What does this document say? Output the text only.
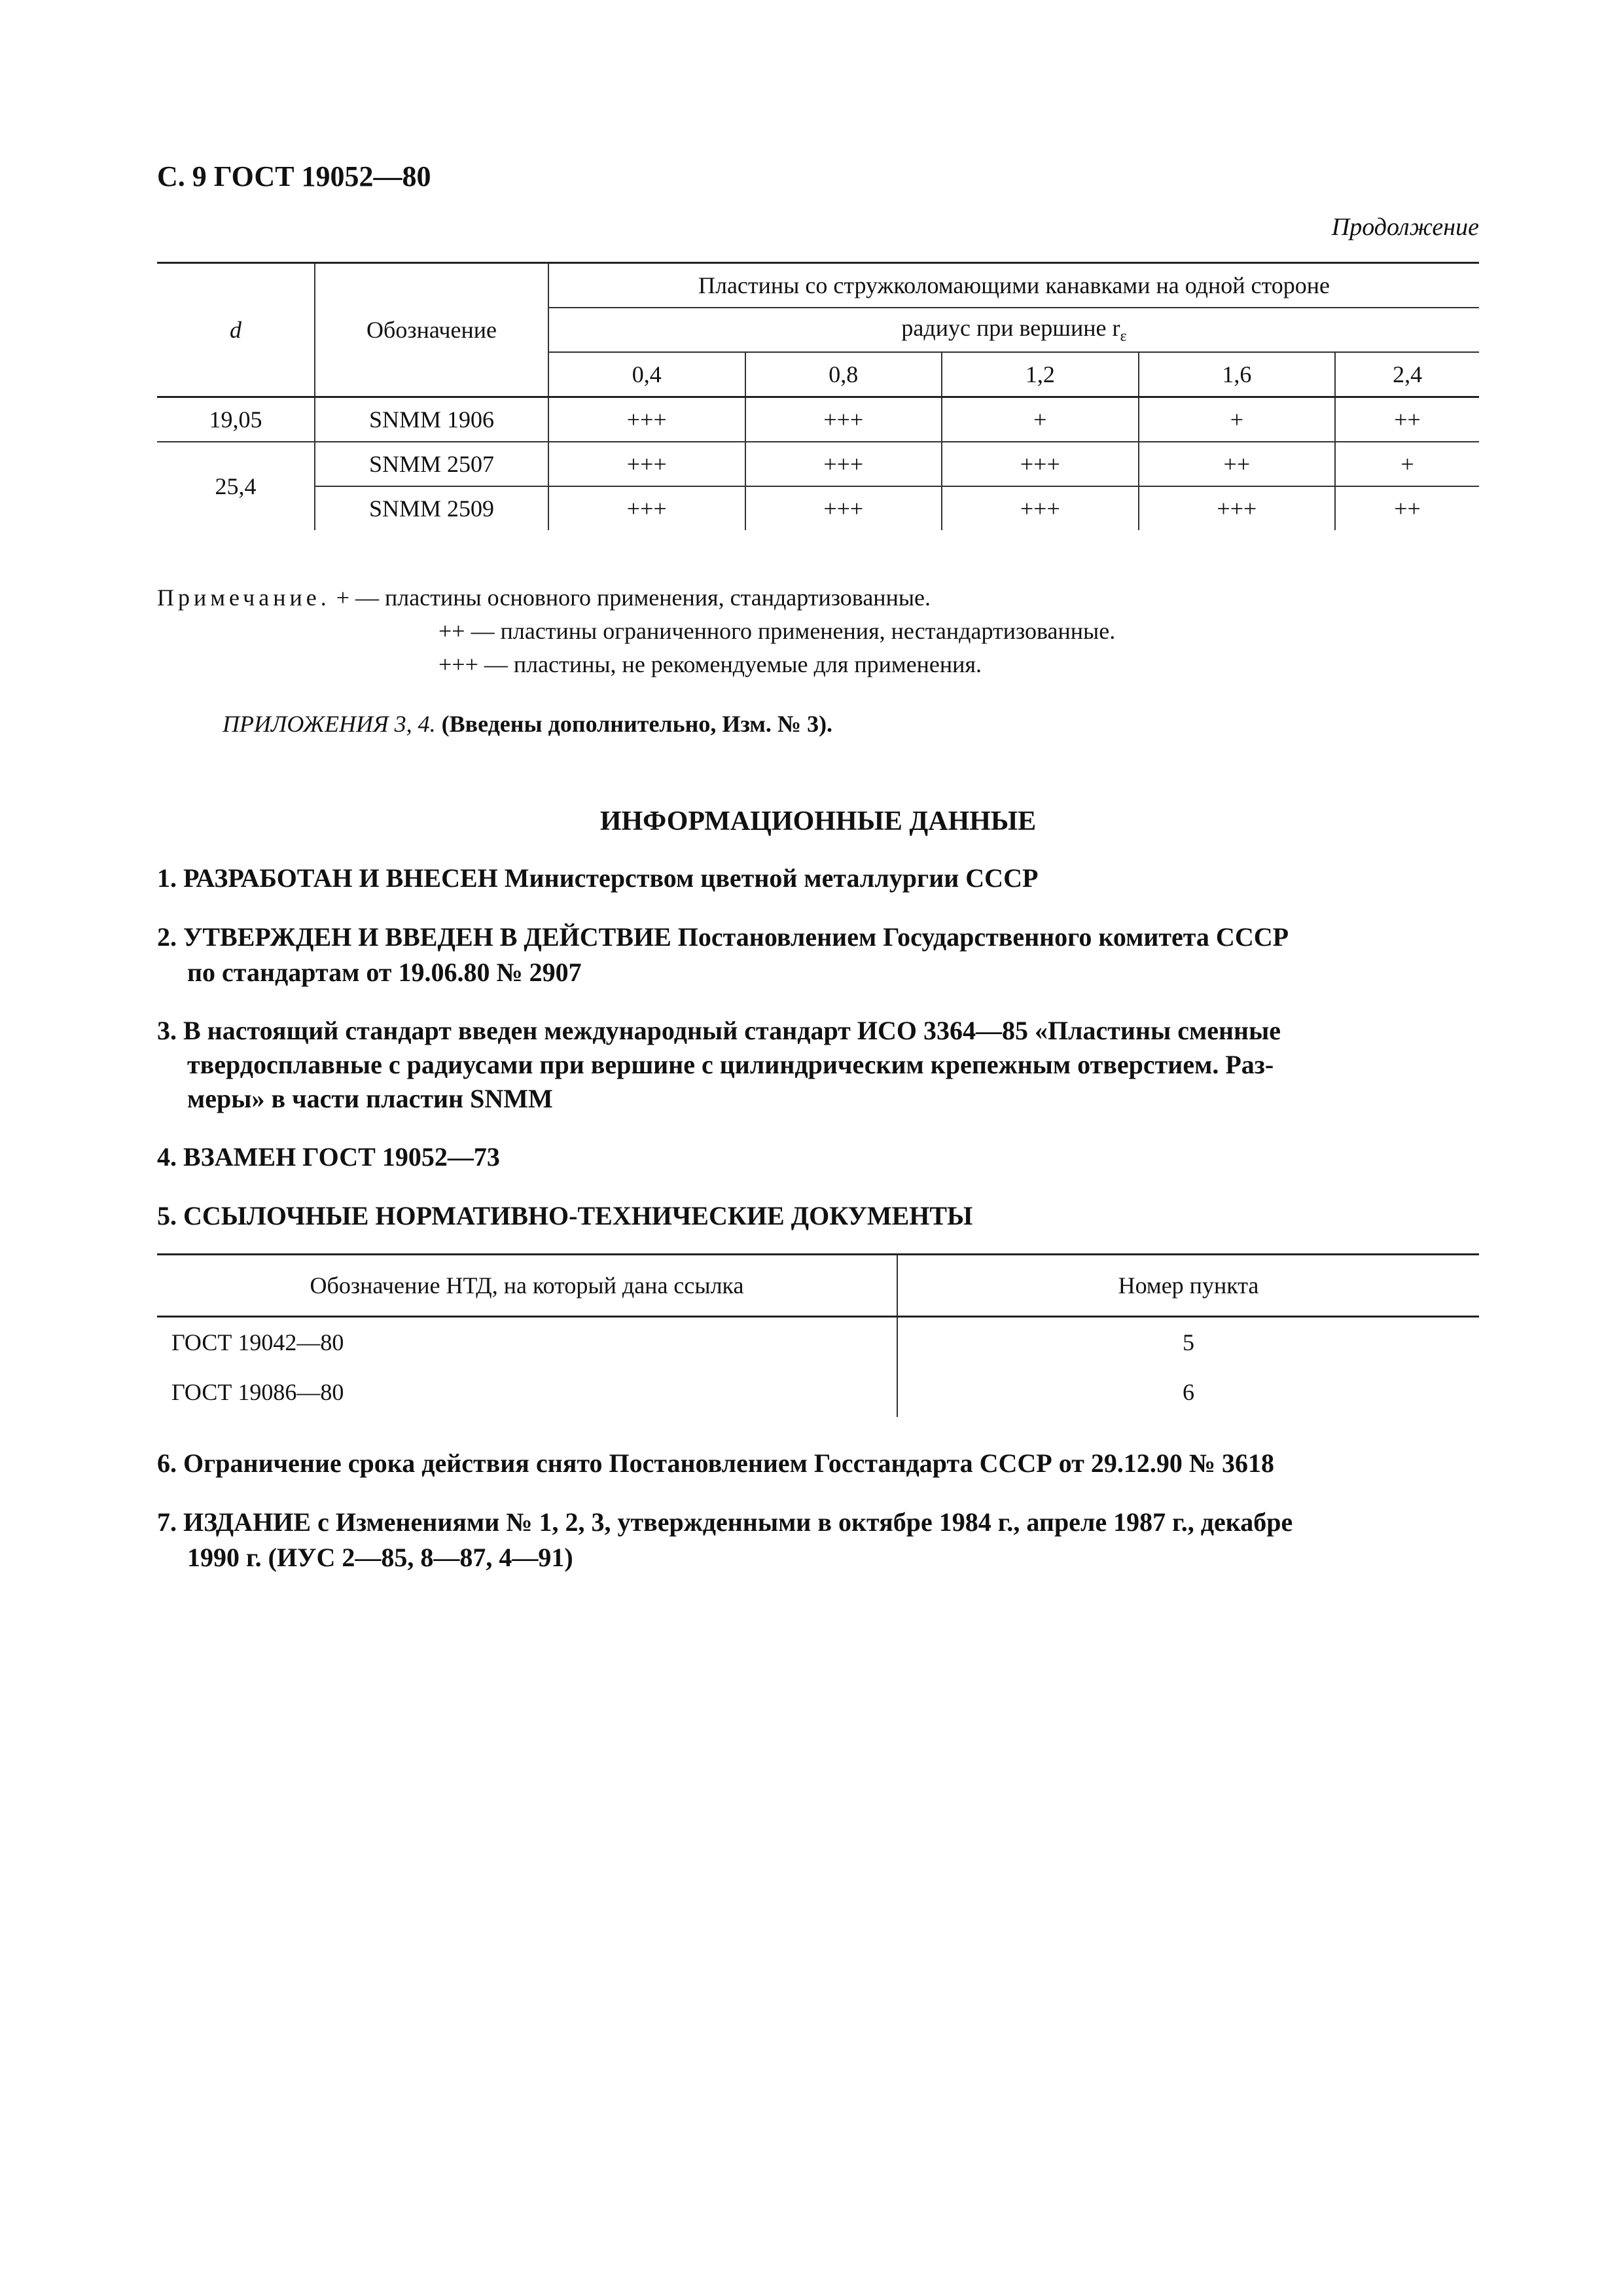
С. 9 ГОСТ 19052—80
Продолжение
d	Обозначение	Пластины со стружколомающими канавками на одной стороне				
		радиус при вершине $r_\varepsilon$
		0,4	0,8	1,2	1,6	2,4
19,05	SNMM 1906	+++	+++	+	+	++
25,4	SNMM 2507	+++	+++	+++	++	+
	SNMM 2509	+++	+++	+++	+++	++
Примечание. + — пластины основного применения, стандартизованные.
++ — пластины ограниченного применения, нестандартизованные.
+++ — пластины, не рекомендуемые для применения.
ПРИЛОЖЕНИЯ 3, 4. (Введены дополнительно, Изм. № 3).
ИНФОРМАЦИОННЫЕ ДАННЫЕ
1. РАЗРАБОТАН И ВНЕСЕН Министерством цветной металлургии СССР
2. УТВЕРЖДЕН И ВВЕДЕН В ДЕЙСТВИЕ Постановлением Государственного комитета СССР
по стандартам от 19.06.80 № 2907
3. В настоящий стандарт введен международный стандарт ИСО 3364—85 «Пластины сменные
твердосплавные с радиусами при вершине с цилиндрическим крепежным отверстием. Раз-
меры» в части пластин SNMM
4. ВЗАМЕН ГОСТ 19052—73
5. ССЫЛОЧНЫЕ НОРМАТИВНО-ТЕХНИЧЕСКИЕ ДОКУМЕНТЫ
Обозначение НТД, на который дана ссылка	Номер пункта
ГОСТ 19042—80	5
ГОСТ 19086—80	6
6. Ограничение срока действия снято Постановлением Госстандарта СССР от 29.12.90 № 3618
7. ИЗДАНИЕ с Изменениями № 1, 2, 3, утвержденными в октябре 1984 г., апреле 1987 г., декабре
1990 г. (ИУС 2—85, 8—87, 4—91)
